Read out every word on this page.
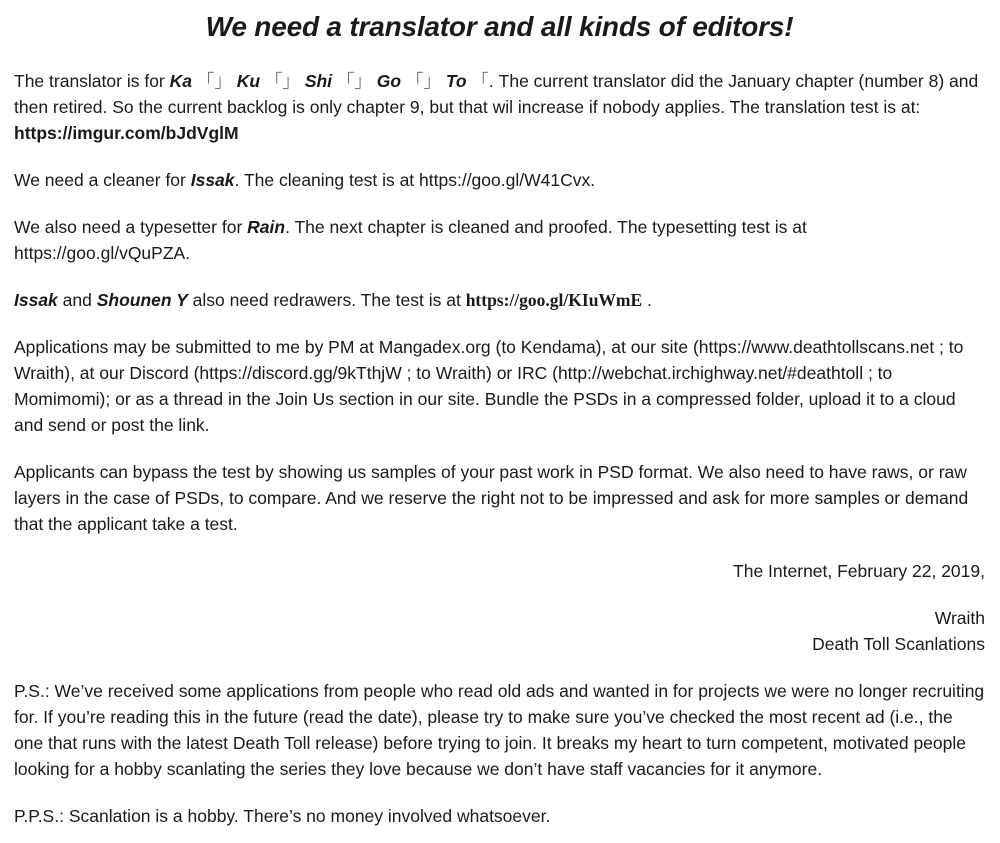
We need a translator and all kinds of editors!

The translator is for Ka 「」 Ku 「」 Shi 「」 Go 「」 To 「. The current translator did the January chapter (number 8) and then retired. So the current backlog is only chapter 9, but that wil increase if nobody applies. The translation test is at:
https://imgur.com/bJdVglM

We need a cleaner for Issak. The cleaning test is at https://goo.gl/W41Cvx.

We also need a typesetter for Rain. The next chapter is cleaned and proofed. The typesetting test is at https://goo.gl/vQuPZA.

Issak and Shounen Y also need redrawers. The test is at https://goo.gl/KIuWmE .

Applications may be submitted to me by PM at Mangadex.org (to Kendama), at our site (https://www.deathtollscans.net ; to Wraith), at our Discord (https://discord.gg/9kTthjW ; to Wraith) or IRC (http://webchat.irchighway.net/#deathtoll ; to Momimomi); or as a thread in the Join Us section in our site. Bundle the PSDs in a compressed folder, upload it to a cloud and send or post the link.

Applicants can bypass the test by showing us samples of your past work in PSD format. We also need to have raws, or raw layers in the case of PSDs, to compare. And we reserve the right not to be impressed and ask for more samples or demand that the applicant take a test.

The Internet, February 22, 2019,

Wraith
Death Toll Scanlations

P.S.: We’ve received some applications from people who read old ads and wanted in for projects we were no longer recruiting for. If you’re reading this in the future (read the date), please try to make sure you’ve checked the most recent ad (i.e., the one that runs with the latest Death Toll release) before trying to join. It breaks my heart to turn competent, motivated people looking for a hobby scanlating the series they love because we don’t have staff vacancies for it anymore.

P.P.S.: Scanlation is a hobby. There’s no money involved whatsoever.
